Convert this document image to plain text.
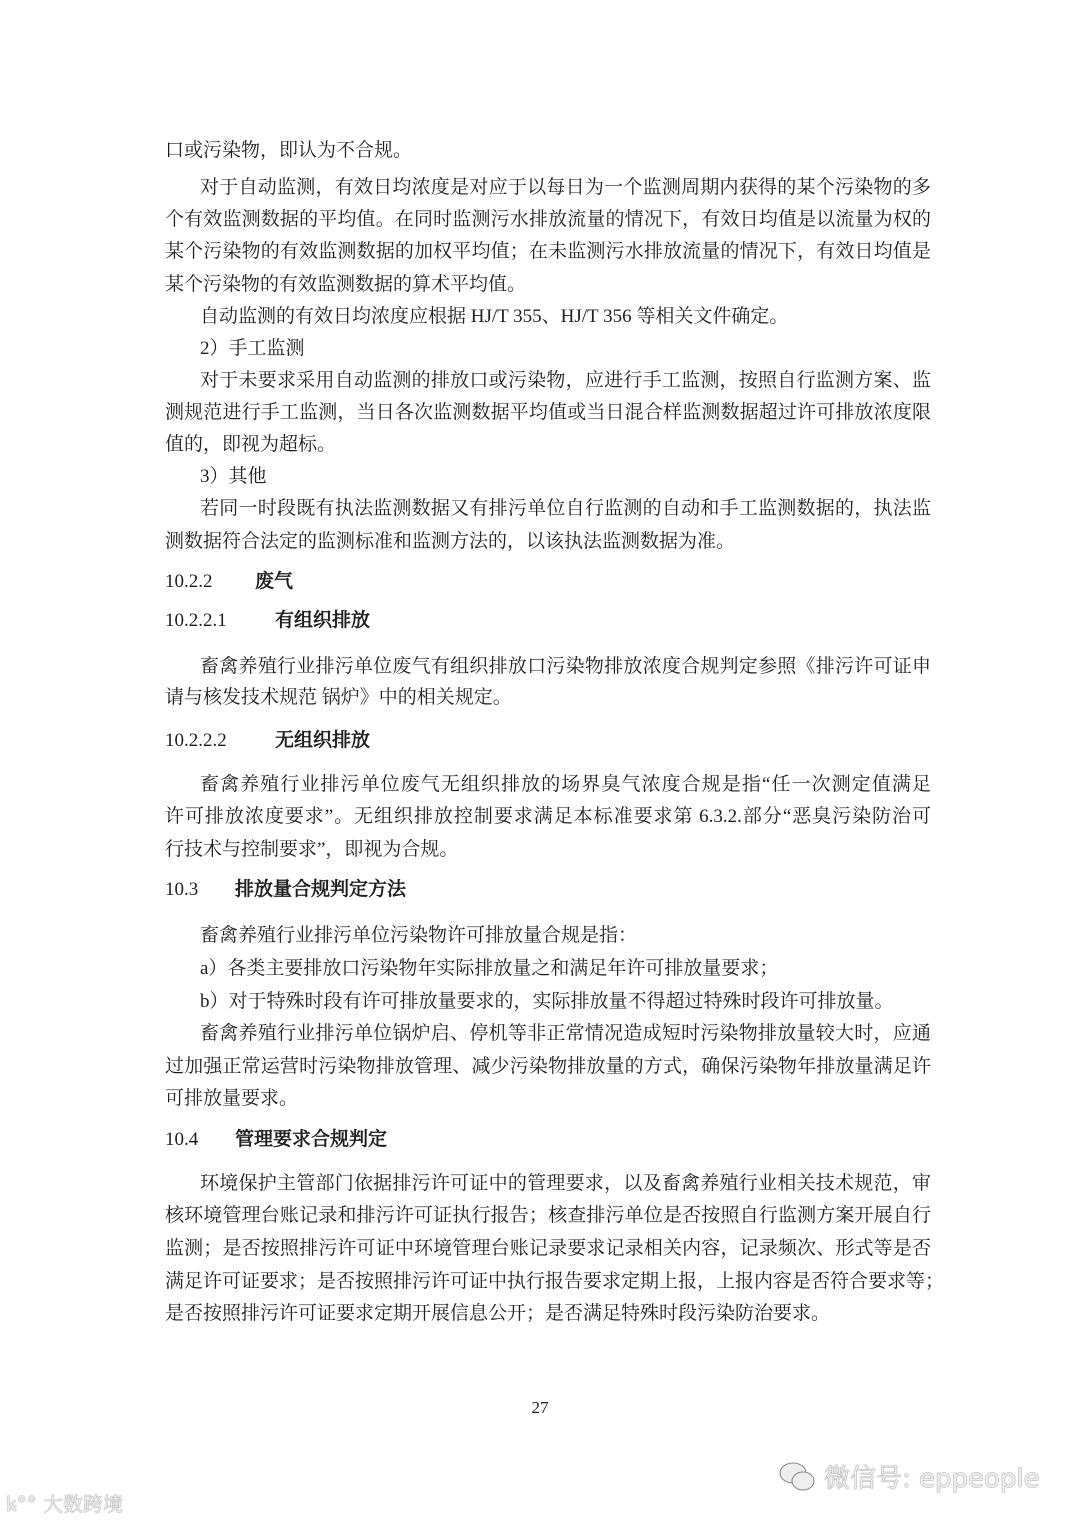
口或污染物，即认为不合规。
对于自动监测，有效日均浓度是对应于以每日为一个监测周期内获得的某个污染物的多
个有效监测数据的平均值。在同时监测污水排放流量的情况下，有效日均值是以流量为权的
某个污染物的有效监测数据的加权平均值；在未监测污水排放流量的情况下，有效日均值是
某个污染物的有效监测数据的算术平均值。
自动监测的有效日均浓度应根据 HJ/T 355、HJ/T 356 等相关文件确定。
2）手工监测
对于未要求采用自动监测的排放口或污染物，应进行手工监测，按照自行监测方案、监
测规范进行手工监测，当日各次监测数据平均值或当日混合样监测数据超过许可排放浓度限
值的，即视为超标。
3）其他
若同一时段既有执法监测数据又有排污单位自行监测的自动和手工监测数据的，执法监
测数据符合法定的监测标准和监测方法的，以该执法监测数据为准。
10.2.2 废气
10.2.2.1	有组织排放
畜禽养殖行业排污单位废气有组织排放口污染物排放浓度合规判定参照《排污许可证申
请与核发技术规范 锅炉》中的相关规定。
10.2.2.2	无组织排放
畜禽养殖行业排污单位废气无组织排放的场界臭气浓度合规是指“任一次测定值满足
许可排放浓度要求”。无组织排放控制要求满足本标准要求第 6.3.2.部分“恶臭污染防治可
行技术与控制要求”，即视为合规。
10.3 排放量合规判定方法
畜禽养殖行业排污单位污染物许可排放量合规是指：
a）各类主要排放口污染物年实际排放量之和满足年许可排放量要求；
b）对于特殊时段有许可排放量要求的，实际排放量不得超过特殊时段许可排放量。
畜禽养殖行业排污单位锅炉启、停机等非正常情况造成短时污染物排放量较大时，应通
过加强正常运营时污染物排放管理、减少污染物排放量的方式，确保污染物年排放量满足许
可排放量要求。
10.4 管理要求合规判定
环境保护主管部门依据排污许可证中的管理要求，以及畜禽养殖行业相关技术规范，审
核环境管理台账记录和排污许可证执行报告；核查排污单位是否按照自行监测方案开展自行
监测；是否按照排污许可证中环境管理台账记录要求记录相关内容，记录频次、形式等是否
满足许可证要求；是否按照排污许可证中执行报告要求定期上报，上报内容是否符合要求等；
是否按照排污许可证要求定期开展信息公开；是否满足特殊时段污染防治要求。
27
ꝃ°° 大数跨境
微信号: eppeople
